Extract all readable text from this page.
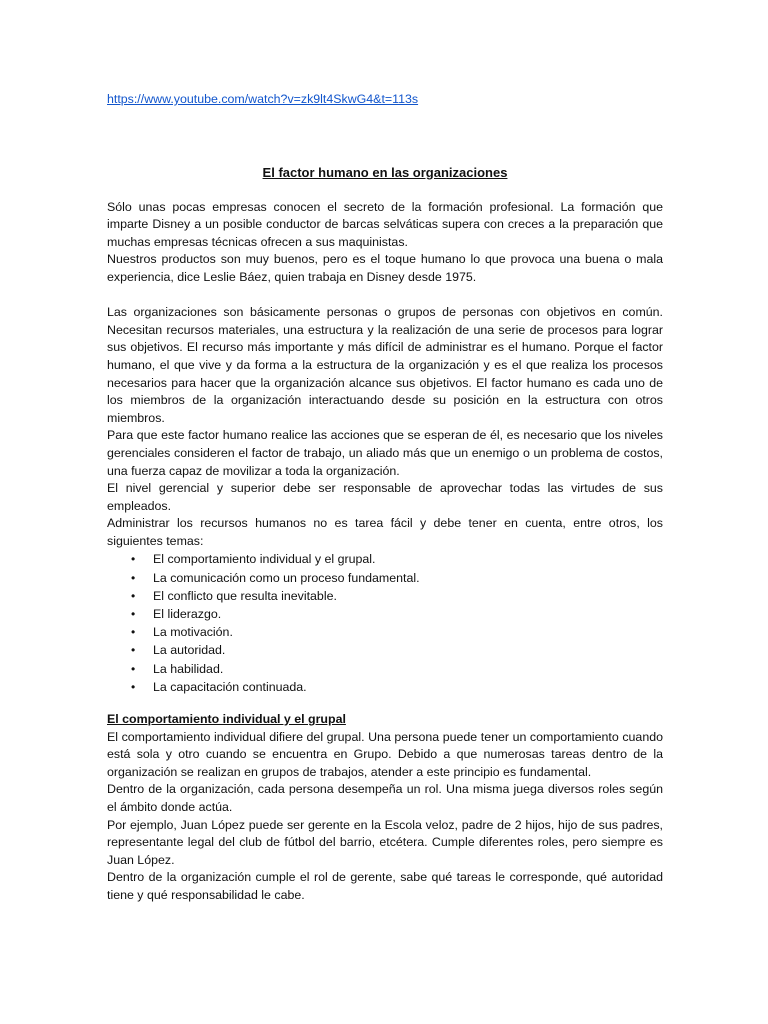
https://www.youtube.com/watch?v=zk9lt4SkwG4&t=113s
El factor humano en las organizaciones

Sólo unas pocas empresas conocen el secreto de la formación profesional. La formación que imparte Disney a un posible conductor de barcas selváticas supera con creces a la preparación que muchas empresas técnicas ofrecen a sus maquinistas.

Nuestros productos son muy buenos, pero es el toque humano lo que provoca una buena o mala experiencia, dice Leslie Báez, quien trabaja en Disney desde 1975.

Las organizaciones son básicamente personas o grupos de personas con objetivos en común. Necesitan recursos materiales, una estructura y la realización de una serie de procesos para lograr sus objetivos. El recurso más importante y más difícil de administrar es el humano. Porque el factor humano, el que vive y da forma a la estructura de la organización y es el que realiza los procesos necesarios para hacer que la organización alcance sus objetivos. El factor humano es cada uno de los miembros de la organización interactuando desde su posición en la estructura con otros miembros.

Para que este factor humano realice las acciones que se esperan de él, es necesario que los niveles gerenciales consideren el factor de trabajo, un aliado más que un enemigo o un problema de costos, una fuerza capaz de movilizar a toda la organización.

El nivel gerencial y superior debe ser responsable de aprovechar todas las virtudes de sus empleados.

Administrar los recursos humanos no es tarea fácil y debe tener en cuenta, entre otros, los siguientes temas:

• El comportamiento individual y el grupal.
• La comunicación como un proceso fundamental.
• El conflicto que resulta inevitable.
• El liderazgo.
• La motivación.
• La autoridad.
• La habilidad.
• La capacitación continuada.
El comportamiento individual y el grupal

El comportamiento individual difiere del grupal. Una persona puede tener un comportamiento cuando está sola y otro cuando se encuentra en Grupo. Debido a que numerosas tareas dentro de la organización se realizan en grupos de trabajos, atender a este principio es fundamental.

Dentro de la organización, cada persona desempeña un rol. Una misma juega diversos roles según el ámbito donde actúa.

Por ejemplo, Juan López puede ser gerente en la Escola veloz, padre de 2 hijos, hijo de sus padres, representante legal del club de fútbol del barrio, etcétera. Cumple diferentes roles, pero siempre es Juan López.

Dentro de la organización cumple el rol de gerente, sabe qué tareas le corresponde, qué autoridad tiene y qué responsabilidad le cabe.
